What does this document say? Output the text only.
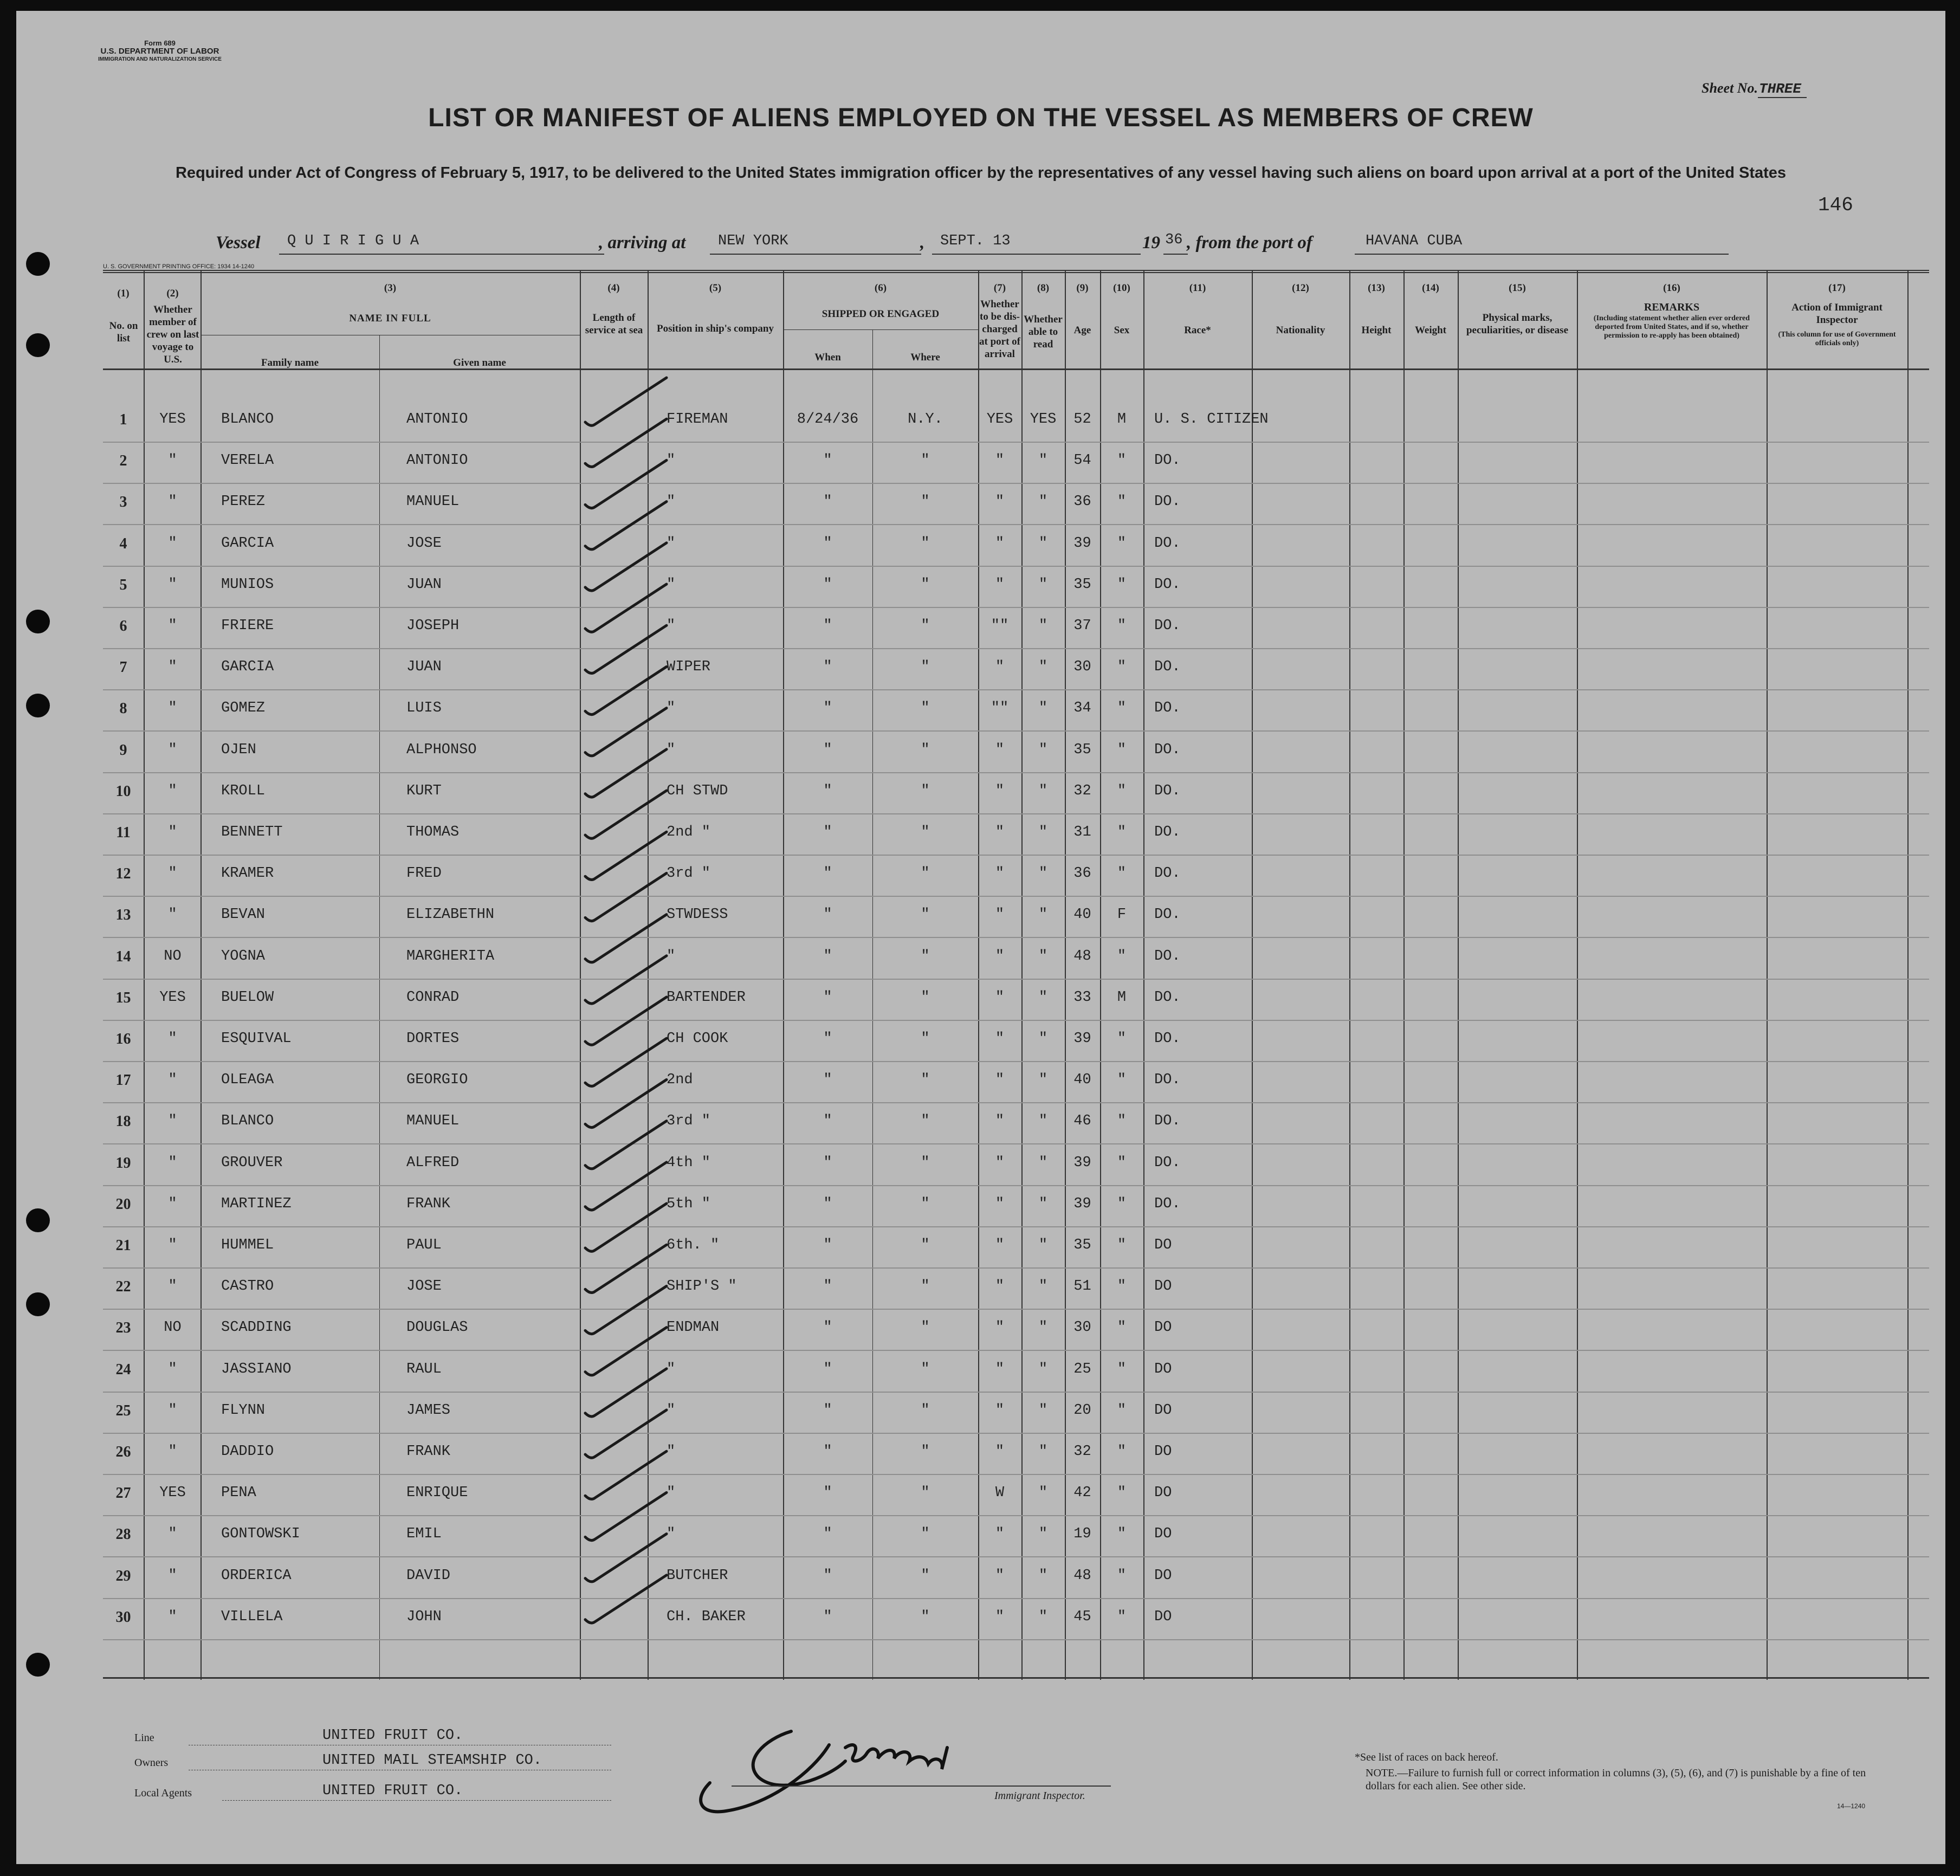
Form 689
U.S. DEPARTMENT OF LABOR
IMMIGRATION AND NATURALIZATION SERVICE
Sheet No.THREE
LIST OR MANIFEST OF ALIENS EMPLOYED ON THE VESSEL AS MEMBERS OF CREW
Required under Act of Congress of February 5, 1917, to be delivered to the United States immigration officer by the representatives of any vessel having such aliens on board upon arrival at a port of the United States
146
Vessel Q U I R I G U A	, arriving at NEW YORK	, SEPT. 13	19 36 , from the port of	HAVANA CUBA
U. S. GOVERNMENT PRINTING OFFICE: 1934 14-1240
(1)
No. on list
(2)
Whether member of crew on last voyage to U.S.
(3)
NAME IN FULL
Family name	Given name
(4)
Length of service at sea
(5)
Position in ship's company
(6)
SHIPPED OR ENGAGED
When	Where
(7)
Whether to be dis-charged at port of arrival
(8)
Whether able to read
(9)
Age
(10)
Sex
(11)
Race*
(12)
Nationality
(13)
Height
(14)
Weight
(15)
Physical marks, peculiarities, or disease
(16)
REMARKS
(Including statement whether alien ever ordered deported from United States, and if so, whether permission to re-apply has been obtained)
(17)
Action of Immigrant Inspector
(This column for use of Government officials only)
1	YES	BLANCO	ANTONIO	FIREMAN	8/24/36	N.Y.	YES	YES	52	M	U. S. CITIZEN
2	"	VERELA	ANTONIO	"	"	"	"	"	54	"	DO.
3	"	PEREZ	MANUEL	"	"	"	"	"	36	"	DO.
4	"	GARCIA	JOSE	"	"	"	"	"	39	"	DO.
5	"	MUNIOS	JUAN	"	"	"	"	"	35	"	DO.
6	"	FRIERE	JOSEPH	"	"	"	""	"	37	"	DO.
7	"	GARCIA	JUAN	WIPER	"	"	"	"	30	"	DO.
8	"	GOMEZ	LUIS	"	"	"	""	"	34	"	DO.
9	"	OJEN	ALPHONSO	"	"	"	"	"	35	"	DO.
10	"	KROLL	KURT	CH STWD	"	"	"	"	32	"	DO.
11	"	BENNETT	THOMAS	2nd "	"	"	"	"	31	"	DO.
12	"	KRAMER	FRED	3rd "	"	"	"	"	36	"	DO.
13	"	BEVAN	ELIZABETHN	STWDESS	"	"	"	"	40	F	DO.
14	NO	YOGNA	MARGHERITA	"	"	"	"	"	48	"	DO.
15	YES	BUELOW	CONRAD	BARTENDER	"	"	"	"	33	M	DO.
16	"	ESQUIVAL	DORTES	CH COOK	"	"	"	"	39	"	DO.
17	"	OLEAGA	GEORGIO	2nd	"	"	"	"	40	"	DO.
18	"	BLANCO	MANUEL	3rd "	"	"	"	"	46	"	DO.
19	"	GROUVER	ALFRED	4th "	"	"	"	"	39	"	DO.
20	"	MARTINEZ	FRANK	5th "	"	"	"	"	39	"	DO.
21	"	HUMMEL	PAUL	6th. "	"	"	"	"	35	"	DO
22	"	CASTRO	JOSE	SHIP'S "	"	"	"	"	51	"	DO
23	NO	SCADDING	DOUGLAS	ENDMAN	"	"	"	"	30	"	DO
24	"	JASSIANO	RAUL	"	"	"	"	"	25	"	DO
25	"	FLYNN	JAMES	"	"	"	"	"	20	"	DO
26	"	DADDIO	FRANK	"	"	"	"	"	32	"	DO
27	YES	PENA	ENRIQUE	"	"	"	W	"	42	"	DO
28	"	GONTOWSKI	EMIL	"	"	"	"	"	19	"	DO
29	"	ORDERICA	DAVID	BUTCHER	"	"	"	"	48	"	DO
30	"	VILLELA	JOHN	CH. BAKER	"	"	"	"	45	"	DO
Line	UNITED FRUIT CO.
Owners	UNITED MAIL STEAMSHIP CO.
Local Agents	UNITED FRUIT CO.	Immigrant Inspector.
*See list of races on back hereof.
NOTE.—Failure to furnish full or correct information in columns (3), (5), (6), and (7) is punishable by a fine of ten dollars for each alien. See other side.
14—1240
